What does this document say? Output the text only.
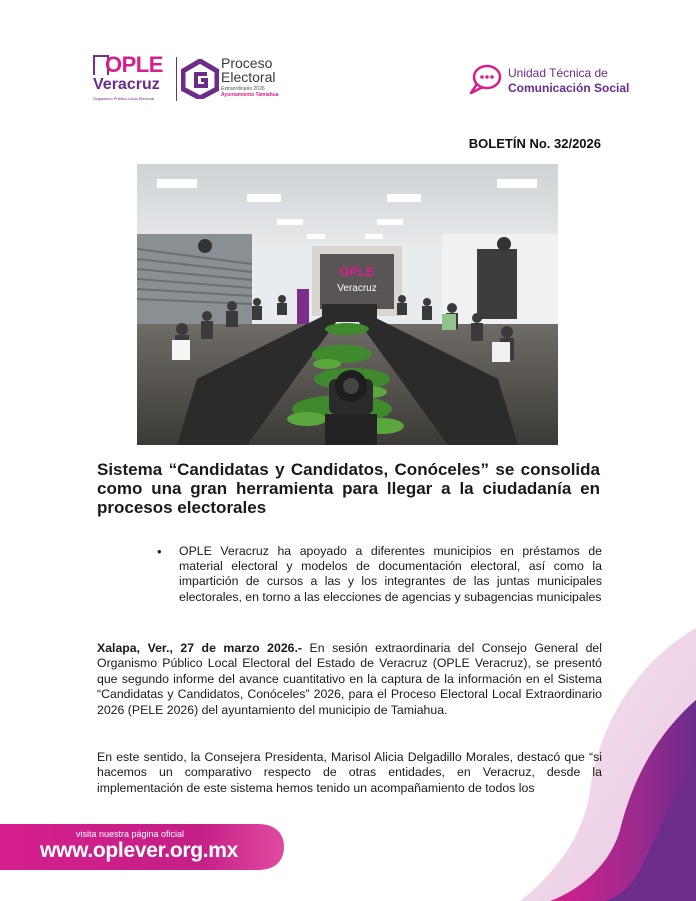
OPLE
Veracruz
Organismo Público Local Electoral
Proceso
Electoral
Extraordinario 2026
Ayuntamiento Tamiahua
Unidad Técnica de
Comunicación Social
BOLETÍN No. 32/2026
OPLE
Veracruz
Sistema “Candidatas y Candidatos, Conóceles” se consolida como una gran herramienta para llegar a la ciudadanía en procesos electorales
• OPLE Veracruz ha apoyado a diferentes municipios en préstamos de material electoral y modelos de documentación electoral, así como la impartición de cursos a las y los integrantes de las juntas municipales electorales, en torno a las elecciones de agencias y subagencias municipales

Xalapa, Ver., 27 de marzo 2026.- En sesión extraordinaria del Consejo General del Organismo Público Local Electoral del Estado de Veracruz (OPLE Veracruz), se presentó que segundo informe del avance cuantitativo en la captura de la información en el Sistema “Candidatas y Candidatos, Conóceles” 2026, para el Proceso Electoral Local Extraordinario 2026 (PELE 2026) del ayuntamiento del municipio de Tamiahua.

En este sentido, la Consejera Presidenta, Marisol Alicia Delgadillo Morales, destacó que “si hacemos un comparativo respecto de otras entidades, en Veracruz, desde la implementación de este sistema hemos tenido un acompañamiento de todos los

visita nuestra página oficial
www.oplever.org.mx
